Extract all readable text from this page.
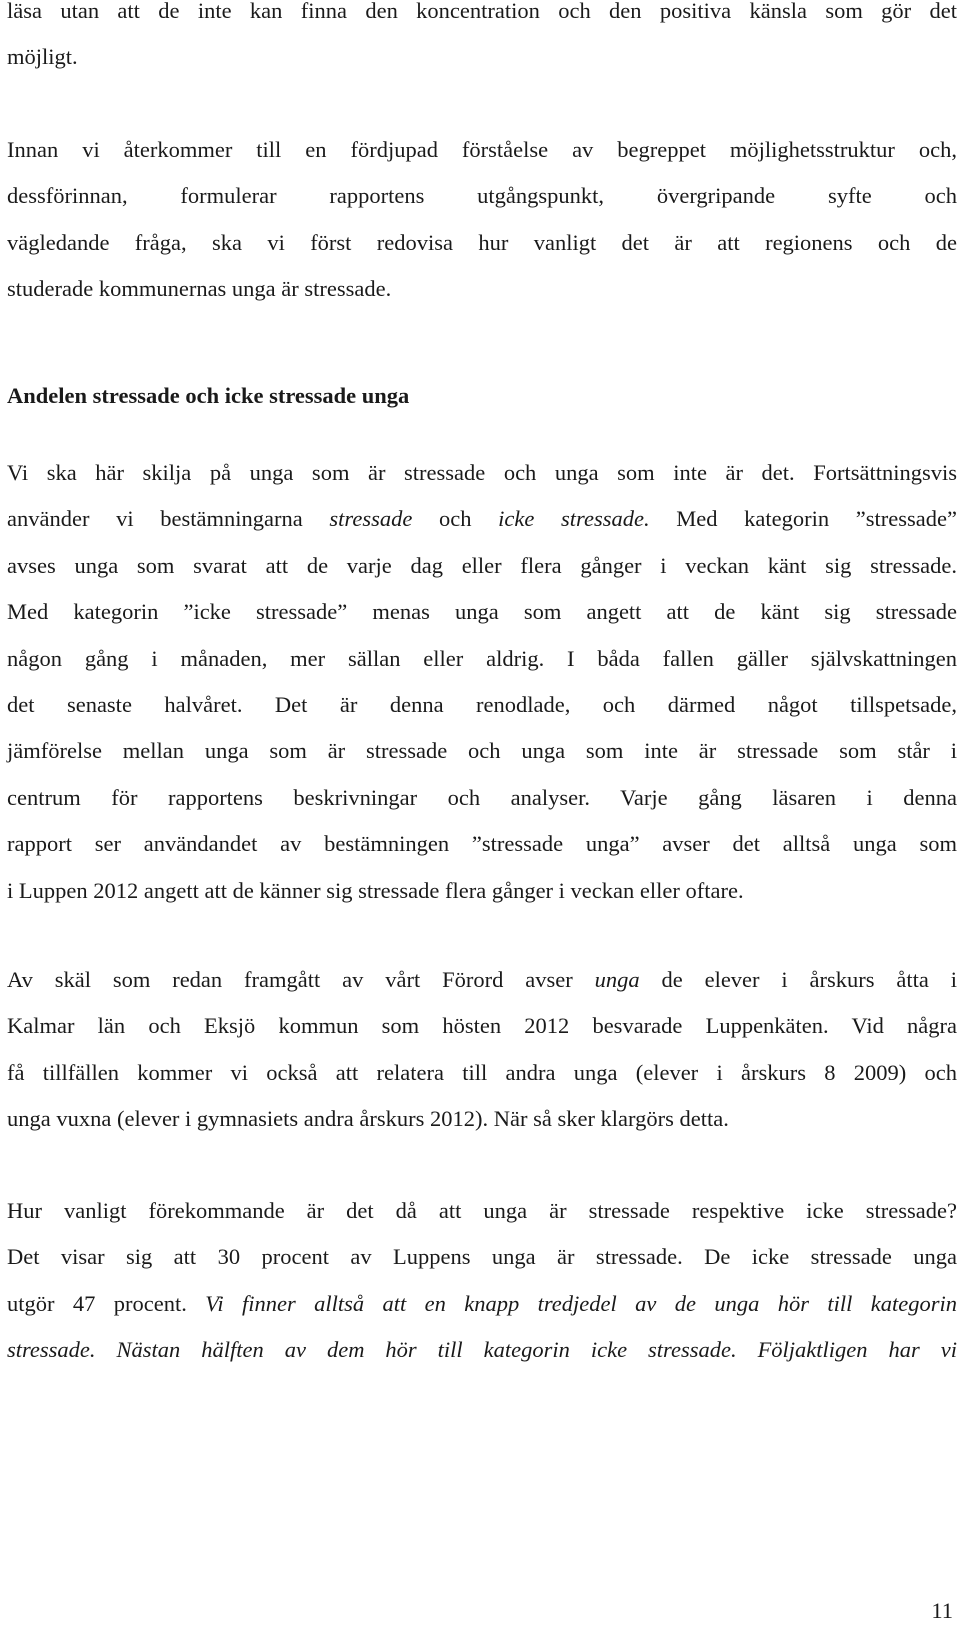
läsa utan att de inte kan finna den koncentration och den positiva känsla som gör det
möjligt.

Innan vi återkommer till en fördjupad förståelse av begreppet möjlighetsstruktur och,
dessförinnan, formulerar rapportens utgångspunkt, övergripande syfte och
vägledande fråga, ska vi först redovisa hur vanligt det är att regionens och de
studerade kommunernas unga är stressade.

Andelen stressade och icke stressade unga

Vi ska här skilja på unga som är stressade och unga som inte är det. Fortsättningsvis
använder vi bestämningarna stressade och icke stressade. Med kategorin ”stressade”
avses unga som svarat att de varje dag eller flera gånger i veckan känt sig stressade.
Med kategorin ”icke stressade” menas unga som angett att de känt sig stressade
någon gång i månaden, mer sällan eller aldrig. I båda fallen gäller självskattningen
det senaste halvåret. Det är denna renodlade, och därmed något tillspetsade,
jämförelse mellan unga som är stressade och unga som inte är stressade som står i
centrum för rapportens beskrivningar och analyser. Varje gång läsaren i denna
rapport ser användandet av bestämningen ”stressade unga” avser det alltså unga som
i Luppen 2012 angett att de känner sig stressade flera gånger i veckan eller oftare.

Av skäl som redan framgått av vårt Förord avser unga de elever i årskurs åtta i
Kalmar län och Eksjö kommun som hösten 2012 besvarade Luppenkäten. Vid några
få tillfällen kommer vi också att relatera till andra unga (elever i årskurs 8 2009) och
unga vuxna (elever i gymnasiets andra årskurs 2012). När så sker klargörs detta.

Hur vanligt förekommande är det då att unga är stressade respektive icke stressade?
Det visar sig att 30 procent av Luppens unga är stressade. De icke stressade unga
utgör 47 procent. Vi finner alltså att en knapp tredjedel av de unga hör till kategorin
stressade. Nästan hälften av dem hör till kategorin icke stressade. Följaktligen har vi

11
